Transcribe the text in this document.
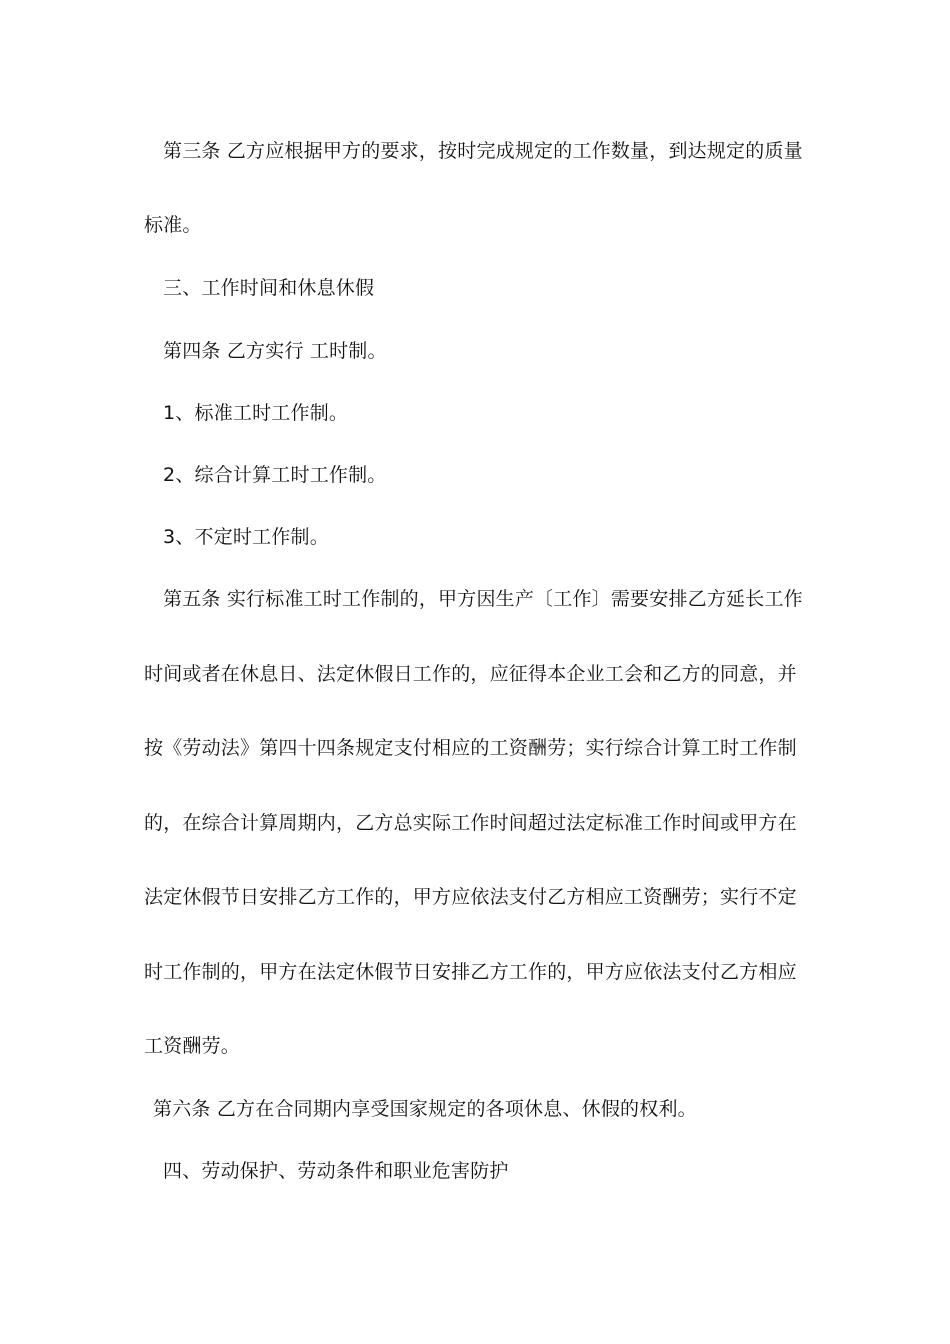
第三条 乙方应根据甲方的要求，按时完成规定的工作数量，到达规定的质量
标准。
三、工作时间和休息休假
第四条 乙方实行 工时制。
1、标准工时工作制。
2、综合计算工时工作制。
3、不定时工作制。
第五条 实行标准工时工作制的，甲方因生产〔工作〕需要安排乙方延长工作
时间或者在休息日、法定休假日工作的，应征得本企业工会和乙方的同意，并
按《劳动法》第四十四条规定支付相应的工资酬劳；实行综合计算工时工作制
的，在综合计算周期内，乙方总实际工作时间超过法定标准工作时间或甲方在
法定休假节日安排乙方工作的，甲方应依法支付乙方相应工资酬劳；实行不定
时工作制的，甲方在法定休假节日安排乙方工作的，甲方应依法支付乙方相应
工资酬劳。
第六条 乙方在合同期内享受国家规定的各项休息、休假的权利。
四、劳动保护、劳动条件和职业危害防护
